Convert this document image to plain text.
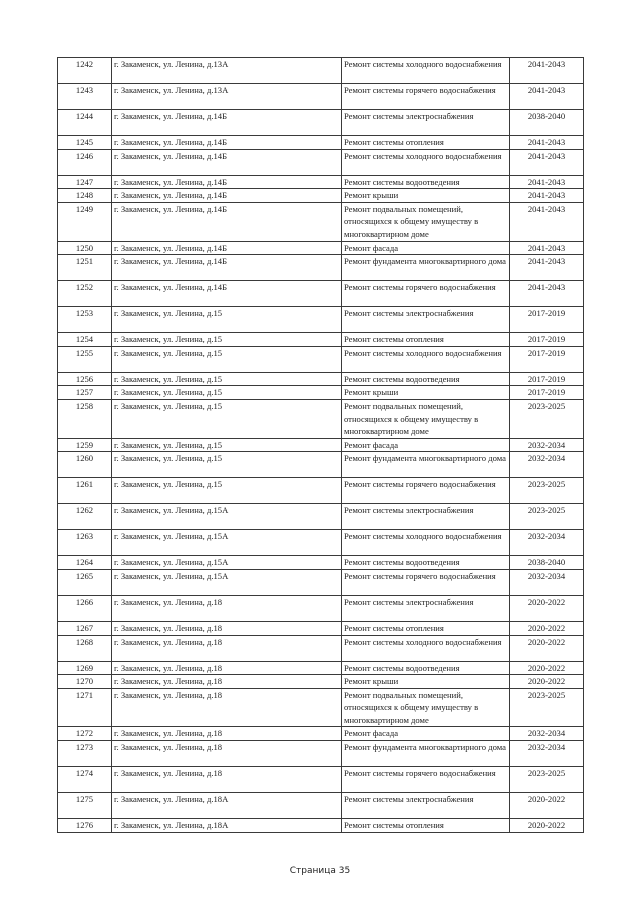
1242	г. Закаменск, ул. Ленина, д.13А	Ремонт системы холодного водоснабжения	2041-2043
1243	г. Закаменск, ул. Ленина, д.13А	Ремонт системы горячего водоснабжения	2041-2043
1244	г. Закаменск, ул. Ленина, д.14Б	Ремонт системы электроснабжения	2038-2040
1245	г. Закаменск, ул. Ленина, д.14Б	Ремонт системы отопления	2041-2043
1246	г. Закаменск, ул. Ленина, д.14Б	Ремонт системы холодного водоснабжения	2041-2043
1247	г. Закаменск, ул. Ленина, д.14Б	Ремонт системы водоотведения	2041-2043
1248	г. Закаменск, ул. Ленина, д.14Б	Ремонт крыши	2041-2043
1249	г. Закаменск, ул. Ленина, д.14Б	Ремонт подвальных помещений, относящихся к общему имуществу в многоквартирном доме	2041-2043
1250	г. Закаменск, ул. Ленина, д.14Б	Ремонт фасада	2041-2043
1251	г. Закаменск, ул. Ленина, д.14Б	Ремонт фундамента многоквартирного дома	2041-2043
1252	г. Закаменск, ул. Ленина, д.14Б	Ремонт системы горячего водоснабжения	2041-2043
1253	г. Закаменск, ул. Ленина, д.15	Ремонт системы электроснабжения	2017-2019
1254	г. Закаменск, ул. Ленина, д.15	Ремонт системы отопления	2017-2019
1255	г. Закаменск, ул. Ленина, д.15	Ремонт системы холодного водоснабжения	2017-2019
1256	г. Закаменск, ул. Ленина, д.15	Ремонт системы водоотведения	2017-2019
1257	г. Закаменск, ул. Ленина, д.15	Ремонт крыши	2017-2019
1258	г. Закаменск, ул. Ленина, д.15	Ремонт подвальных помещений, относящихся к общему имуществу в многоквартирном доме	2023-2025
1259	г. Закаменск, ул. Ленина, д.15	Ремонт фасада	2032-2034
1260	г. Закаменск, ул. Ленина, д.15	Ремонт фундамента многоквартирного дома	2032-2034
1261	г. Закаменск, ул. Ленина, д.15	Ремонт системы горячего водоснабжения	2023-2025
1262	г. Закаменск, ул. Ленина, д.15А	Ремонт системы электроснабжения	2023-2025
1263	г. Закаменск, ул. Ленина, д.15А	Ремонт системы холодного водоснабжения	2032-2034
1264	г. Закаменск, ул. Ленина, д.15А	Ремонт системы водоотведения	2038-2040
1265	г. Закаменск, ул. Ленина, д.15А	Ремонт системы горячего водоснабжения	2032-2034
1266	г. Закаменск, ул. Ленина, д.18	Ремонт системы электроснабжения	2020-2022
1267	г. Закаменск, ул. Ленина, д.18	Ремонт системы отопления	2020-2022
1268	г. Закаменск, ул. Ленина, д.18	Ремонт системы холодного водоснабжения	2020-2022
1269	г. Закаменск, ул. Ленина, д.18	Ремонт системы водоотведения	2020-2022
1270	г. Закаменск, ул. Ленина, д.18	Ремонт крыши	2020-2022
1271	г. Закаменск, ул. Ленина, д.18	Ремонт подвальных помещений, относящихся к общему имуществу в многоквартирном доме	2023-2025
1272	г. Закаменск, ул. Ленина, д.18	Ремонт фасада	2032-2034
1273	г. Закаменск, ул. Ленина, д.18	Ремонт фундамента многоквартирного дома	2032-2034
1274	г. Закаменск, ул. Ленина, д.18	Ремонт системы горячего водоснабжения	2023-2025
1275	г. Закаменск, ул. Ленина, д.18А	Ремонт системы электроснабжения	2020-2022
1276	г. Закаменск, ул. Ленина, д.18А	Ремонт системы отопления	2020-2022
Страница 35
